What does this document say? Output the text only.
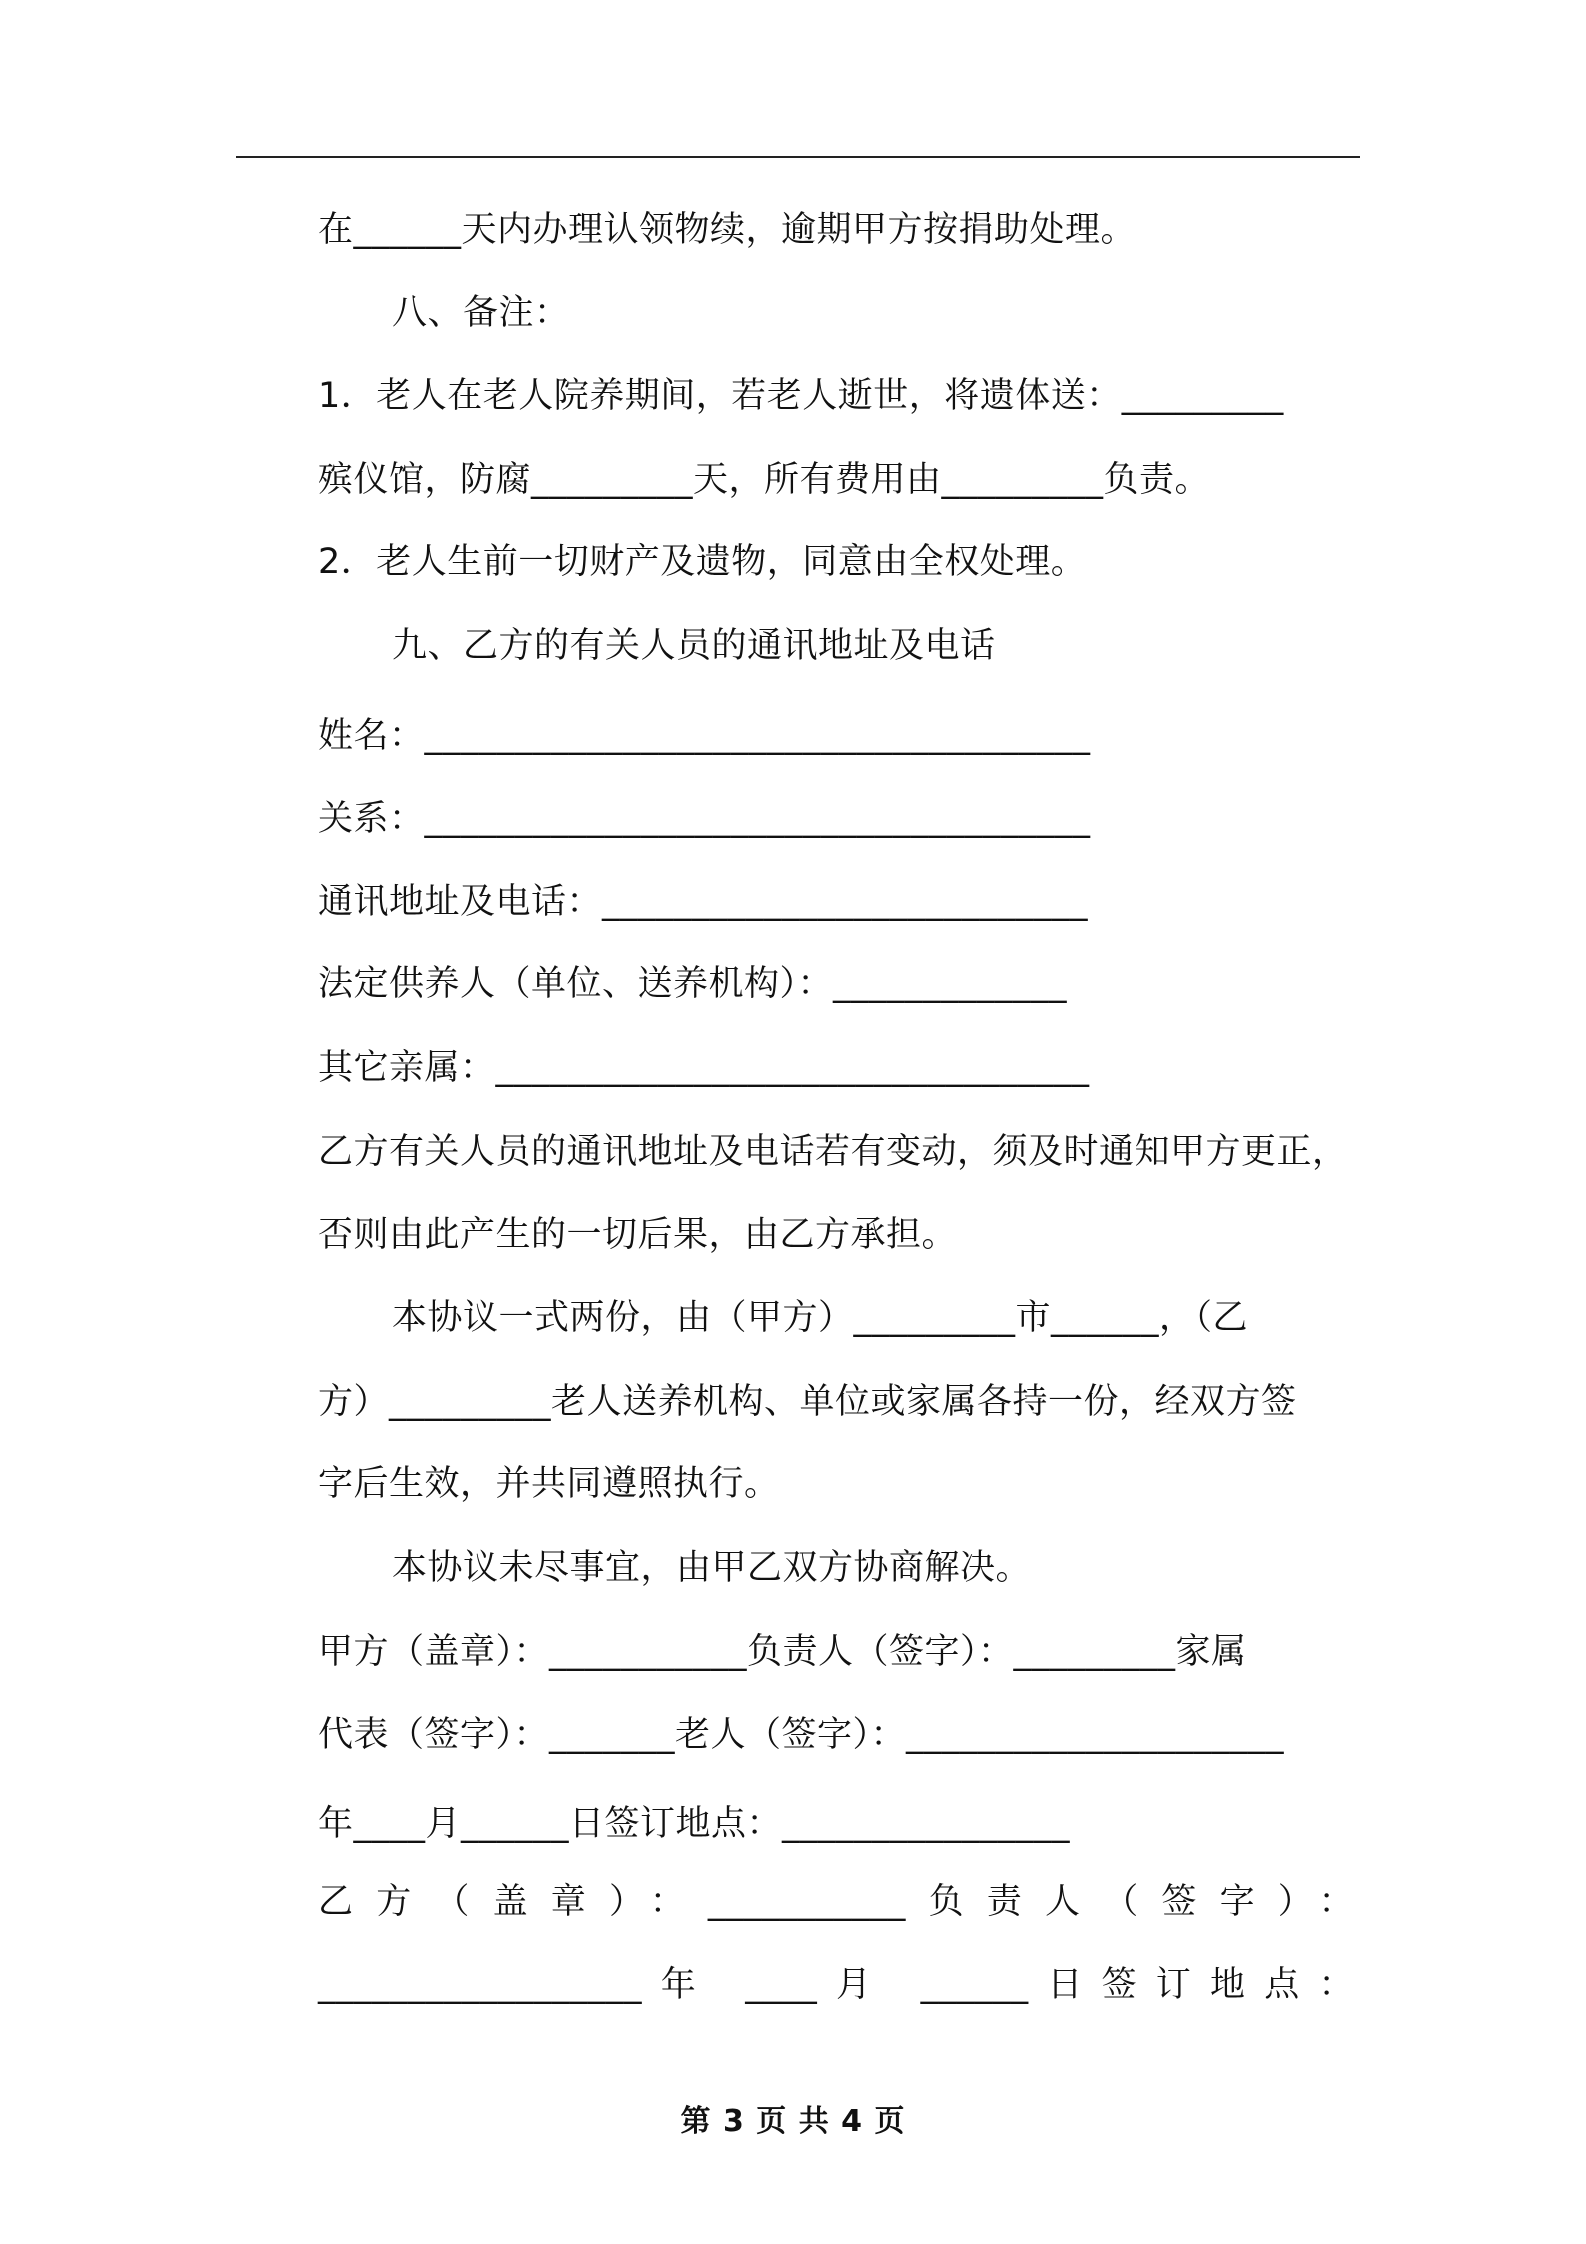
在______天内办理认领物续，逾期甲方按捐助处理。
八、备注：
1．老人在老人院养期间，若老人逝世，将遗体送：_________
殡仪馆，防腐_________天，所有费用由_________负责。
2．老人生前一切财产及遗物，同意由全权处理。
九、乙方的有关人员的通讯地址及电话
姓名：_____________________________________
关系：_____________________________________
通讯地址及电话：___________________________
法定供养人（单位、送养机构）：_____________
其它亲属：_________________________________
乙方有关人员的通讯地址及电话若有变动，须及时通知甲方更正，
否则由此产生的一切后果，由乙方承担。
本协议一式两份，由（甲方）_________市______，（乙
方）_________老人送养机构、单位或家属各持一份，经双方签
字后生效，并共同遵照执行。
本协议未尽事宜，由甲乙双方协商解决。
甲方（盖章）：___________负责人（签字）：_________家属
代表（签字）：_______老人（签字）：_____________________
年____月______日签订地点：________________
乙方（盖章）：___________负责人（签字）：
__________________年 ____月 ______日签订地点：
第 3 页 共 4 页
